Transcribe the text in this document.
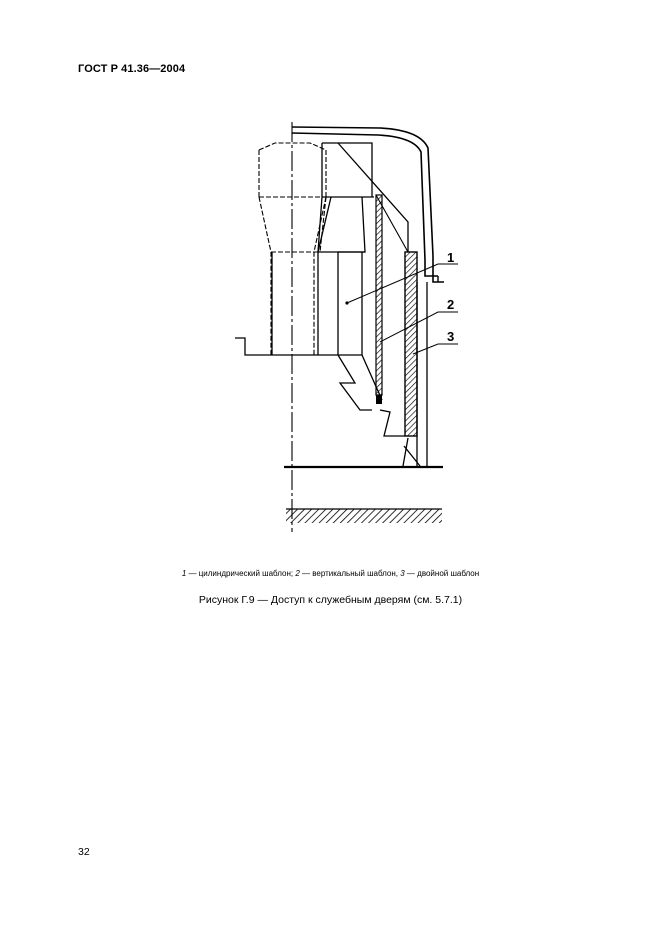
ГОСТ Р 41.36—2004
1
2
3
1 — цилиндрический шаблон; 2 — вертикальный шаблон, 3 — двойной шаблон
Рисунок Г.9 — Доступ к служебным дверям (см. 5.7.1)
32
